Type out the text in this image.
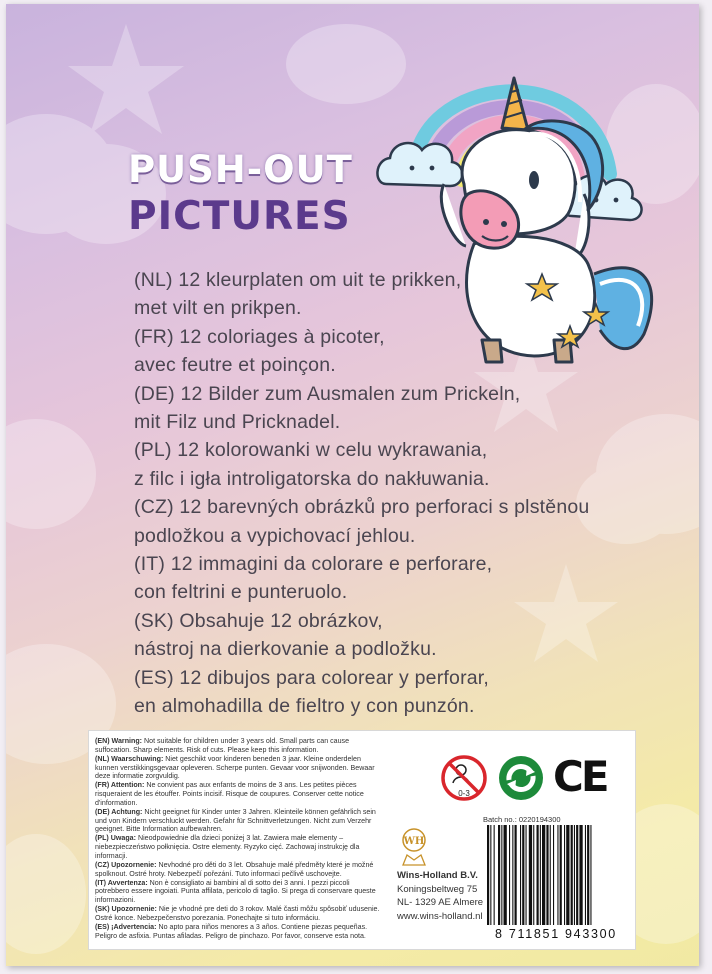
PUSH-OUT
PICTURES
(NL) 12 kleurplaten om uit te prikken,
met vilt en prikpen.
(FR) 12 coloriages à picoter,
avec feutre et poinçon.
(DE) 12 Bilder zum Ausmalen zum Prickeln,
mit Filz und Pricknadel.
(PL) 12 kolorowanki w celu wykrawania,
z filc i igła introligatorska do nakłuwania.
(CZ) 12 barevných obrázků pro perforaci s plstěnou
podložkou a vypichovací jehlou.
(IT) 12 immagini da colorare e perforare,
con feltrini e punteruolo.
(SK) Obsahuje 12 obrázkov,
nástroj na dierkovanie a podložku.
(ES) 12 dibujos para colorear y perforar,
en almohadilla de fieltro y con punzón.

(EN) Warning: Not suitable for children under 3 years old. Small parts can cause suffocation. Sharp elements. Risk of cuts. Please keep this information.

(NL) Waarschuwing: Niet geschikt voor kinderen beneden 3 jaar. Kleine onderdelen kunnen verstikkingsgevaar opleveren. Scherpe punten. Gevaar voor snijwonden. Bewaar deze informatie zorgvuldig.

(FR) Attention: Ne convient pas aux enfants de moins de 3 ans. Les petites pièces risqueraient de les étouffer. Points incisif. Risque de coupures. Conserver cette notice d'information.

(DE) Achtung: Nicht geeignet für Kinder unter 3 Jahren. Kleinteile können gefährlich sein und von Kindern verschluckt werden. Gefahr für Schnittverletzungen. Nicht zum Verzehr geeignet. Bitte Information aufbewahren.

(PL) Uwaga: Nieodpowiednie dla dzieci poniżej 3 lat. Zawiera małe elementy – niebezpieczeństwo połknięcia. Ostre elementy. Ryzyko cięć. Zachowaj instrukcję dla informacji.

(CZ) Upozornenie: Nevhodné pro děti do 3 let. Obsahuje malé předměty které je možné spolknout. Ostré hroty. Nebezpečí pořezání. Tuto informaci pečlivě uschovejte.

(IT) Avvertenza: Non è consigliato ai bambini al di sotto dei 3 anni. I pezzi piccoli potrebbero essere ingoiati. Punta affilata, pericolo di taglio. Si prega di conservare queste informazioni.

(SK) Upozornenie: Nie je vhodné pre deti do 3 rokov. Malé časti môžu spôsobiť udusenie. Ostré konce. Nebezpečenstvo porezania. Ponechajte si tuto informáciu.

(ES) ¡Advertencia: No apto para niños menores a 3 años. Contiene piezas pequeñas. Peligro de asfixia. Puntas afiladas. Peligro de pinchazo. Por favor, conserve esta nota.

0-3 CE
Batch no.: 0220194300
WH
Wins-Holland B.V.
Koningsbeltweg 75
NL- 1329 AE Almere
www.wins-holland.nl
8 711851 943300
